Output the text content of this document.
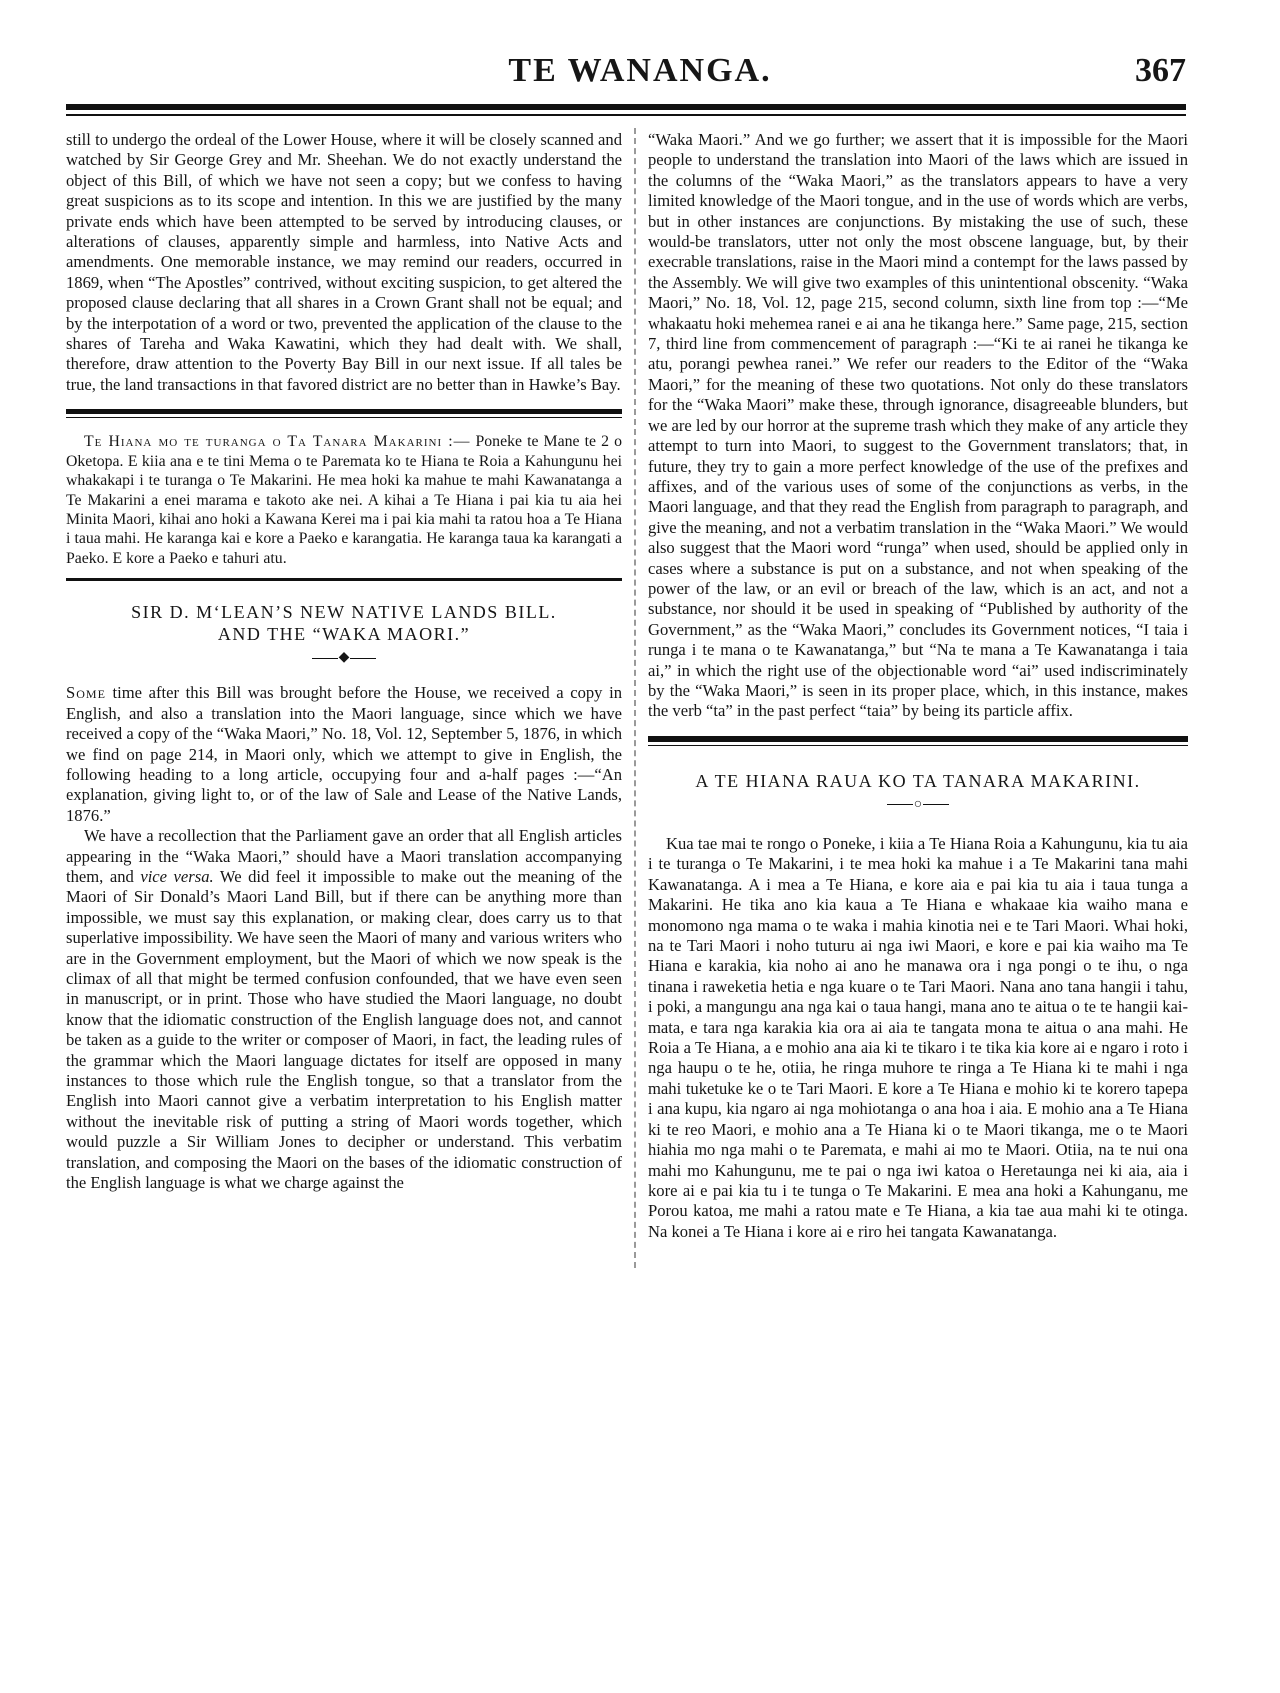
TE WANANGA.	367

still to undergo the ordeal of the Lower House, where it will be closely scanned and watched by Sir George Grey and Mr. Sheehan. We do not exactly understand the object of this Bill, of which we have not seen a copy; but we confess to having great suspicions as to its scope and intention. In this we are justified by the many private ends which have been attempted to be served by introducing clauses, or alterations of clauses, apparently simple and harmless, into Native Acts and amendments. One memorable instance, we may remind our readers, occurred in 1869, when “The Apostles” contrived, without exciting suspicion, to get altered the proposed clause declaring that all shares in a Crown Grant shall not be equal; and by the interpotation of a word or two, prevented the application of the clause to the shares of Tareha and Waka Kawatini, which they had dealt with. We shall, therefore, draw attention to the Poverty Bay Bill in our next issue. If all tales be true, the land transactions in that favored district are no better than in Hawke’s Bay.

Te Hiana mo te turanga o Ta Tanara Makarini :— Poneke te Mane te 2 o Oketopa. E kiia ana e te tini Mema o te Paremata ko te Hiana te Roia a Kahungunu hei whakakapi i te turanga o Te Makarini. He mea hoki ka mahue te mahi Kawanatanga a Te Makarini a enei marama e takoto ake nei. A kihai a Te Hiana i pai kia tu aia hei Minita Maori, kihai ano hoki a Kawana Kerei ma i pai kia mahi ta ratou hoa a Te Hiana i taua mahi. He karanga kai e kore a Paeko e karangatia. He karanga taua ka karangati a Paeko. E kore a Paeko e tahuri atu.

SIR D. M‘LEAN’S NEW NATIVE LANDS BILL.
AND THE “WAKA MAORI.”
◆

Some time after this Bill was brought before the House, we received a copy in English, and also a translation into the Maori language, since which we have received a copy of the “Waka Maori,” No. 18, Vol. 12, September 5, 1876, in which we find on page 214, in Maori only, which we attempt to give in English, the following heading to a long article, occupying four and a-half pages :—“An explanation, giving light to, or of the law of Sale and Lease of the Native Lands, 1876.”

We have a recollection that the Parliament gave an order that all English articles appearing in the “Waka Maori,” should have a Maori translation accompanying them, and vice versa. We did feel it impossible to make out the meaning of the Maori of Sir Donald’s Maori Land Bill, but if there can be anything more than impossible, we must say this explanation, or making clear, does carry us to that superlative impossibility. We have seen the Maori of many and various writers who are in the Government employment, but the Maori of which we now speak is the climax of all that might be termed confusion confounded, that we have even seen in manuscript, or in print. Those who have studied the Maori language, no doubt know that the idiomatic construction of the English language does not, and cannot be taken as a guide to the writer or composer of Maori, in fact, the leading rules of the grammar which the Maori language dictates for itself are opposed in many instances to those which rule the English tongue, so that a translator from the English into Maori cannot give a verbatim interpretation to his English matter without the inevitable risk of putting a string of Maori words together, which would puzzle a Sir William Jones to decipher or understand. This verbatim translation, and composing the Maori on the bases of the idiomatic construction of the English language is what we charge against the

“Waka Maori.” And we go further; we assert that it is impossible for the Maori people to understand the translation into Maori of the laws which are issued in the columns of the “Waka Maori,” as the translators appears to have a very limited knowledge of the Maori tongue, and in the use of words which are verbs, but in other instances are conjunctions. By mistaking the use of such, these would-be translators, utter not only the most obscene language, but, by their execrable translations, raise in the Maori mind a contempt for the laws passed by the Assembly. We will give two examples of this unintentional obscenity. “Waka Maori,” No. 18, Vol. 12, page 215, second column, sixth line from top :—“Me whakaatu hoki mehemea ranei e ai ana he tikanga here.” Same page, 215, section 7, third line from commencement of paragraph :—“Ki te ai ranei he tikanga ke atu, porangi pewhea ranei.” We refer our readers to the Editor of the “Waka Maori,” for the meaning of these two quotations. Not only do these translators for the “Waka Maori” make these, through ignorance, disagreeable blunders, but we are led by our horror at the supreme trash which they make of any article they attempt to turn into Maori, to suggest to the Government translators; that, in future, they try to gain a more perfect knowledge of the use of the prefixes and affixes, and of the various uses of some of the conjunctions as verbs, in the Maori language, and that they read the English from paragraph to paragraph, and give the meaning, and not a verbatim translation in the “Waka Maori.” We would also suggest that the Maori word “runga” when used, should be applied only in cases where a substance is put on a substance, and not when speaking of the power of the law, or an evil or breach of the law, which is an act, and not a substance, nor should it be used in speaking of “Published by authority of the Government,” as the “Waka Maori,” concludes its Government notices, “I taia i runga i te mana o te Kawanatanga,” but “Na te mana a Te Kawanatanga i taia ai,” in which the right use of the objectionable word “ai” used indiscriminately by the “Waka Maori,” is seen in its proper place, which, in this instance, makes the verb “ta” in the past perfect “taia” by being its particle affix.

A TE HIANA RAUA KO TA TANARA MAKARINI.
○

Kua tae mai te rongo o Poneke, i kiia a Te Hiana Roia a Kahungunu, kia tu aia i te turanga o Te Makarini, i te mea hoki ka mahue i a Te Makarini tana mahi Kawanatanga. A i mea a Te Hiana, e kore aia e pai kia tu aia i taua tunga a Makarini. He tika ano kia kaua a Te Hiana e whakaae kia waiho mana e monomono nga mama o te waka i mahia kinotia nei e te Tari Maori. Whai hoki, na te Tari Maori i noho tuturu ai nga iwi Maori, e kore e pai kia waiho ma Te Hiana e karakia, kia noho ai ano he manawa ora i nga pongi o te ihu, o nga tinana i raweketia hetia e nga kuare o te Tari Maori. Nana ano tana hangii i tahu, i poki, a mangungu ana nga kai o taua hangi, mana ano te aitua o te te hangii kai-mata, e tara nga karakia kia ora ai aia te tangata mona te aitua o ana mahi. He Roia a Te Hiana, a e mohio ana aia ki te tikaro i te tika kia kore ai e ngaro i roto i nga haupu o te he, otiia, he ringa muhore te ringa a Te Hiana ki te mahi i nga mahi tuketuke ke o te Tari Maori. E kore a Te Hiana e mohio ki te korero tapepa i ana kupu, kia ngaro ai nga mohiotanga o ana hoa i aia. E mohio ana a Te Hiana ki te reo Maori, e mohio ana a Te Hiana ki o te Maori tikanga, me o te Maori hiahia mo nga mahi o te Paremata, e mahi ai mo te Maori. Otiia, na te nui ona mahi mo Kahungunu, me te pai o nga iwi katoa o Heretaunga nei ki aia, aia i kore ai e pai kia tu i te tunga o Te Makarini. E mea ana hoki a Kahunganu, me Porou katoa, me mahi a ratou mate e Te Hiana, a kia tae aua mahi ki te otinga. Na konei a Te Hiana i kore ai e riro hei tangata Kawanatanga.
